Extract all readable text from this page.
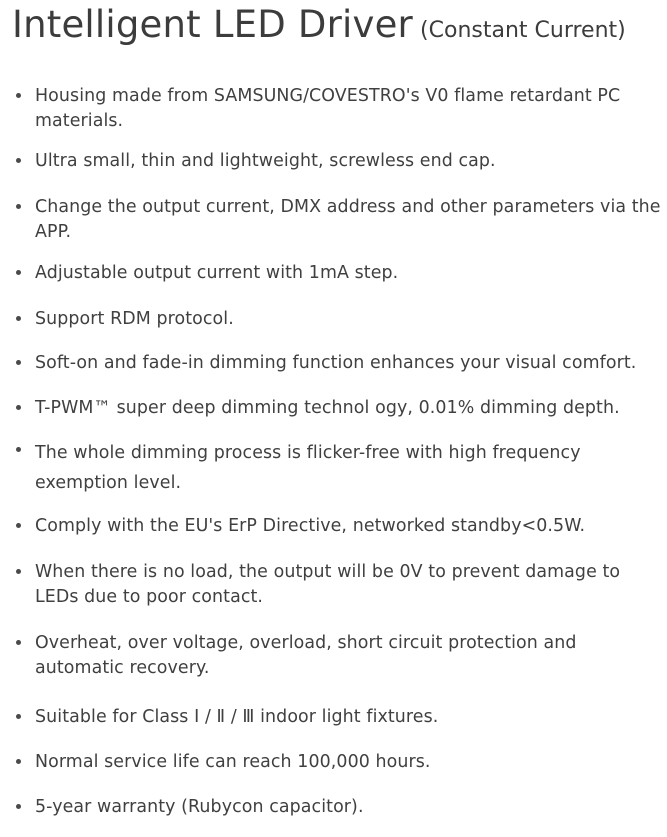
Intelligent LED Driver (Constant Current)
Housing made from SAMSUNG/COVESTRO's V0 flame retardant PC materials.
Ultra small, thin and lightweight, screwless end cap.
Change the output current, DMX address and other parameters via the APP.
Adjustable output current with 1mA step.
Support RDM protocol.
Soft-on and fade-in dimming function enhances your visual comfort.
T-PWM™ super deep dimming technol ogy, 0.01% dimming depth.
The whole dimming process is flicker-free with high frequency exemption level.
Comply with the EU's ErP Directive, networked standby<0.5W.
When there is no load, the output will be 0V to prevent damage to LEDs due to poor contact.
Overheat, over voltage, overload, short circuit protection and automatic recovery.
Suitable for Class Ⅰ / Ⅱ / Ⅲ indoor light fixtures.
Normal service life can reach 100,000 hours.
5-year warranty (Rubycon capacitor).
